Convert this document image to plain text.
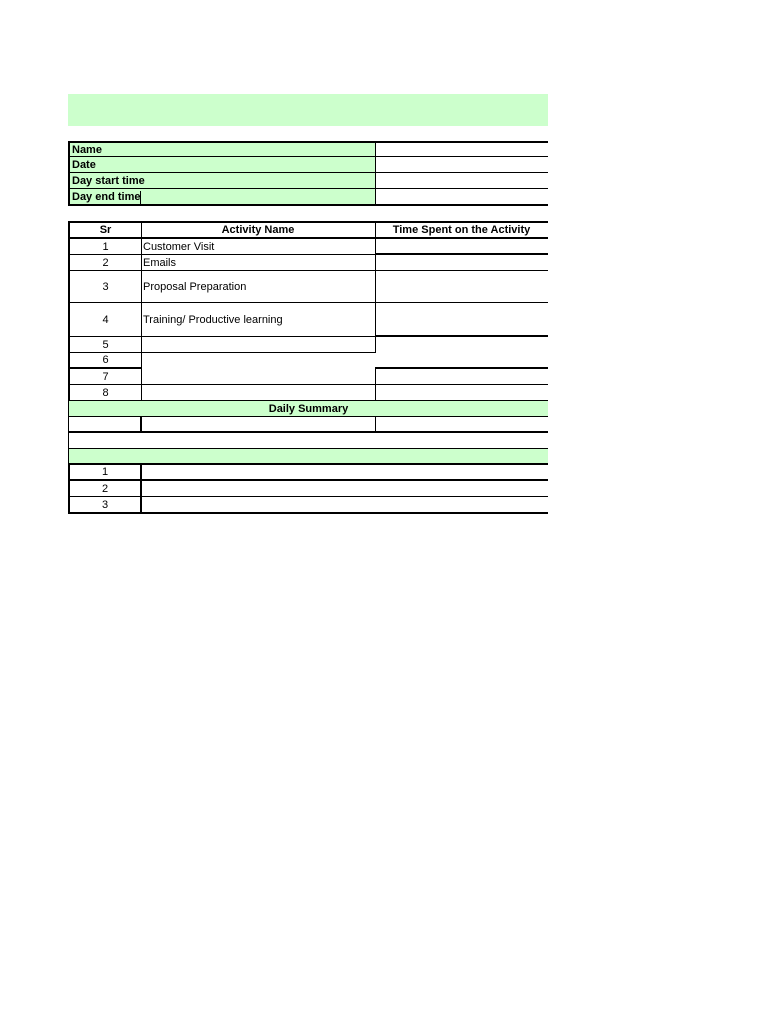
Name
Date
Day start time
Day end time
Sr	Activity Name	Time Spent on the Activity
1	Customer Visit
2	Emails
3	Proposal Preparation
4	Training/ Productive learning
5
6
7
8
Daily Summary
1
2
3
